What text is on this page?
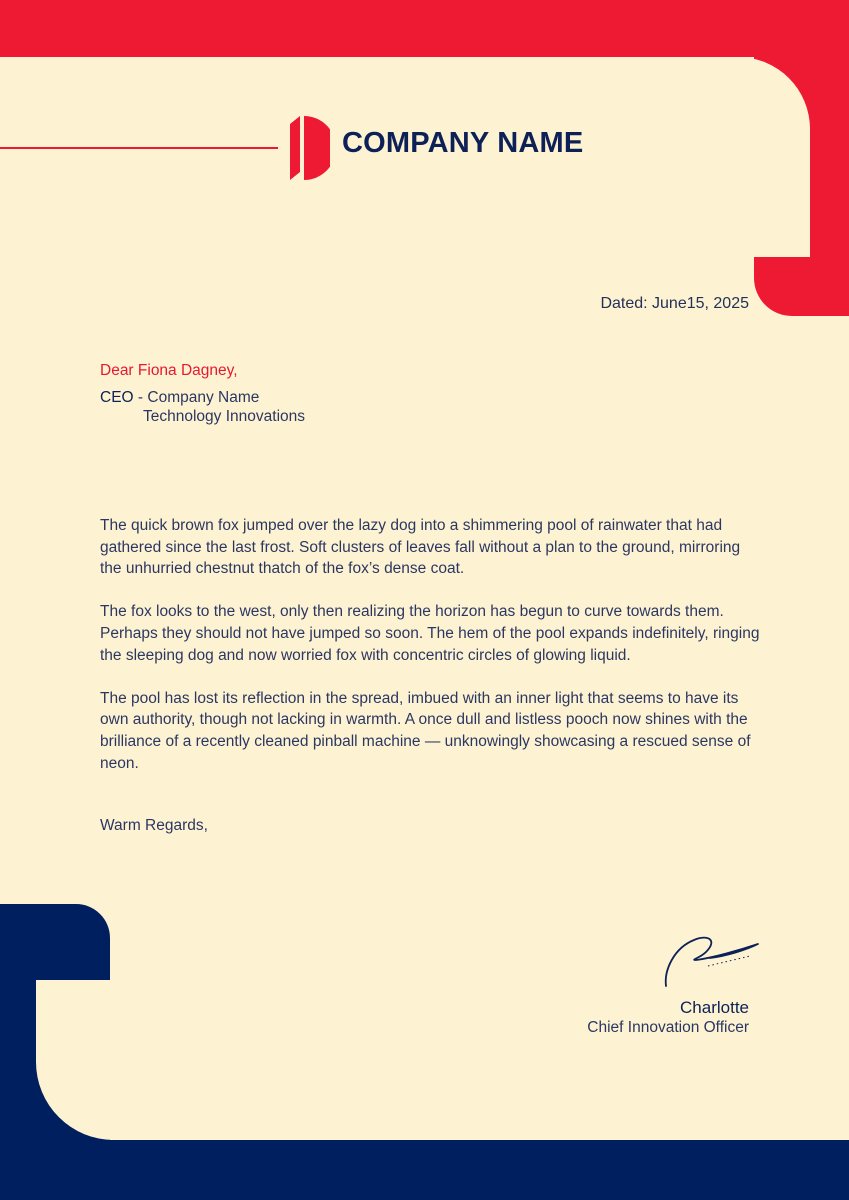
COMPANY NAME
Dated: June15, 2025
Dear Fiona Dagney,
CEO - Company Name
Technology Innovations

The quick brown fox jumped over the lazy dog into a shimmering pool of rainwater that had gathered since the last frost. Soft clusters of leaves fall without a plan to the ground, mirroring the unhurried chestnut thatch of the fox’s dense coat.

The fox looks to the west, only then realizing the horizon has begun to curve towards them. Perhaps they should not have jumped so soon. The hem of the pool expands indefinitely, ringing the sleeping dog and now worried fox with concentric circles of glowing liquid.

The pool has lost its reflection in the spread, imbued with an inner light that seems to have its own authority, though not lacking in warmth. A once dull and listless pooch now shines with the brilliance of a recently cleaned pinball machine — unknowingly showcasing a rescued sense of neon.

Warm Regards,
Charlotte
Chief Innovation Officer
